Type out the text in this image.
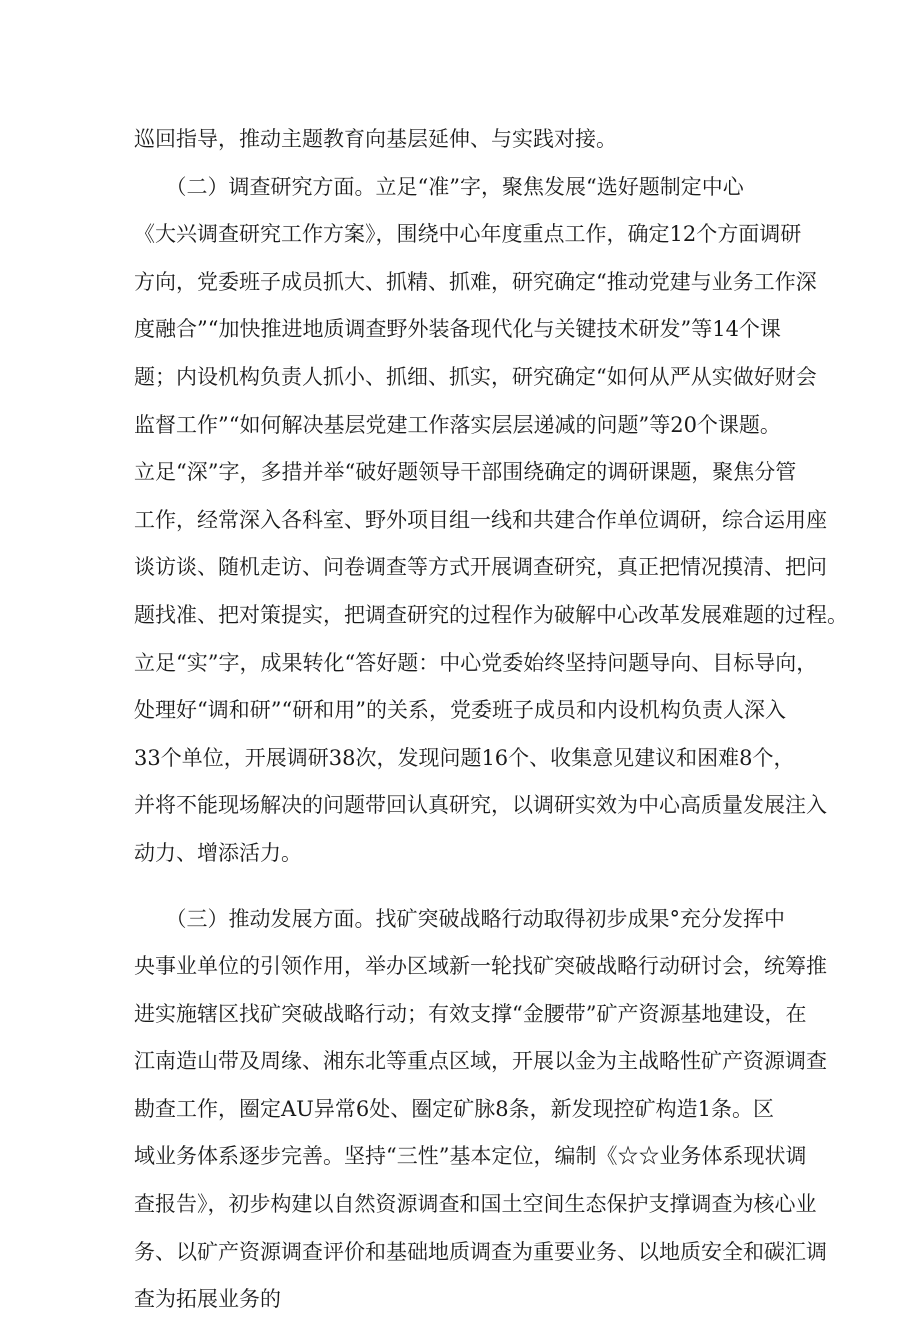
巡回指导，推动主题教育向基层延伸、与实践对接。
　　（二）调查研究方面。立足“准”字，聚焦发展“选好题制定中心
《大兴调查研究工作方案》，围绕中心年度重点工作，确定12个方面调研
方向，党委班子成员抓大、抓精、抓难，研究确定“推动党建与业务工作深
度融合”“加快推进地质调查野外装备现代化与关键技术研发”等14个课
题；内设机构负责人抓小、抓细、抓实，研究确定“如何从严从实做好财会
监督工作”“如何解决基层党建工作落实层层递减的问题”等20个课题。
立足“深”字，多措并举“破好题领导干部围绕确定的调研课题，聚焦分管
工作，经常深入各科室、野外项目组一线和共建合作单位调研，综合运用座
谈访谈、随机走访、问卷调查等方式开展调查研究，真正把情况摸清、把问
题找准、把对策提实，把调查研究的过程作为破解中心改革发展难题的过程。
立足“实”字，成果转化“答好题：中心党委始终坚持问题导向、目标导向，
处理好“调和研”“研和用”的关系，党委班子成员和内设机构负责人深入
33个单位，开展调研38次，发现问题16个、收集意见建议和困难8个，
并将不能现场解决的问题带回认真研究，以调研实效为中心高质量发展注入
动力、增添活力。
　　（三）推动发展方面。找矿突破战略行动取得初步成果°充分发挥中
央事业单位的引领作用，举办区域新一轮找矿突破战略行动研讨会，统筹推
进实施辖区找矿突破战略行动；有效支撑“金腰带”矿产资源基地建设，在
江南造山带及周缘、湘东北等重点区域，开展以金为主战略性矿产资源调查
勘查工作，圈定AU异常6处、圈定矿脉8条，新发现控矿构造1条。区
域业务体系逐步完善。坚持“三性”基本定位，编制《☆☆业务体系现状调
查报告》，初步构建以自然资源调查和国土空间生态保护支撑调查为核心业
务、以矿产资源调查评价和基础地质调查为重要业务、以地质安全和碳汇调
查为拓展业务的
